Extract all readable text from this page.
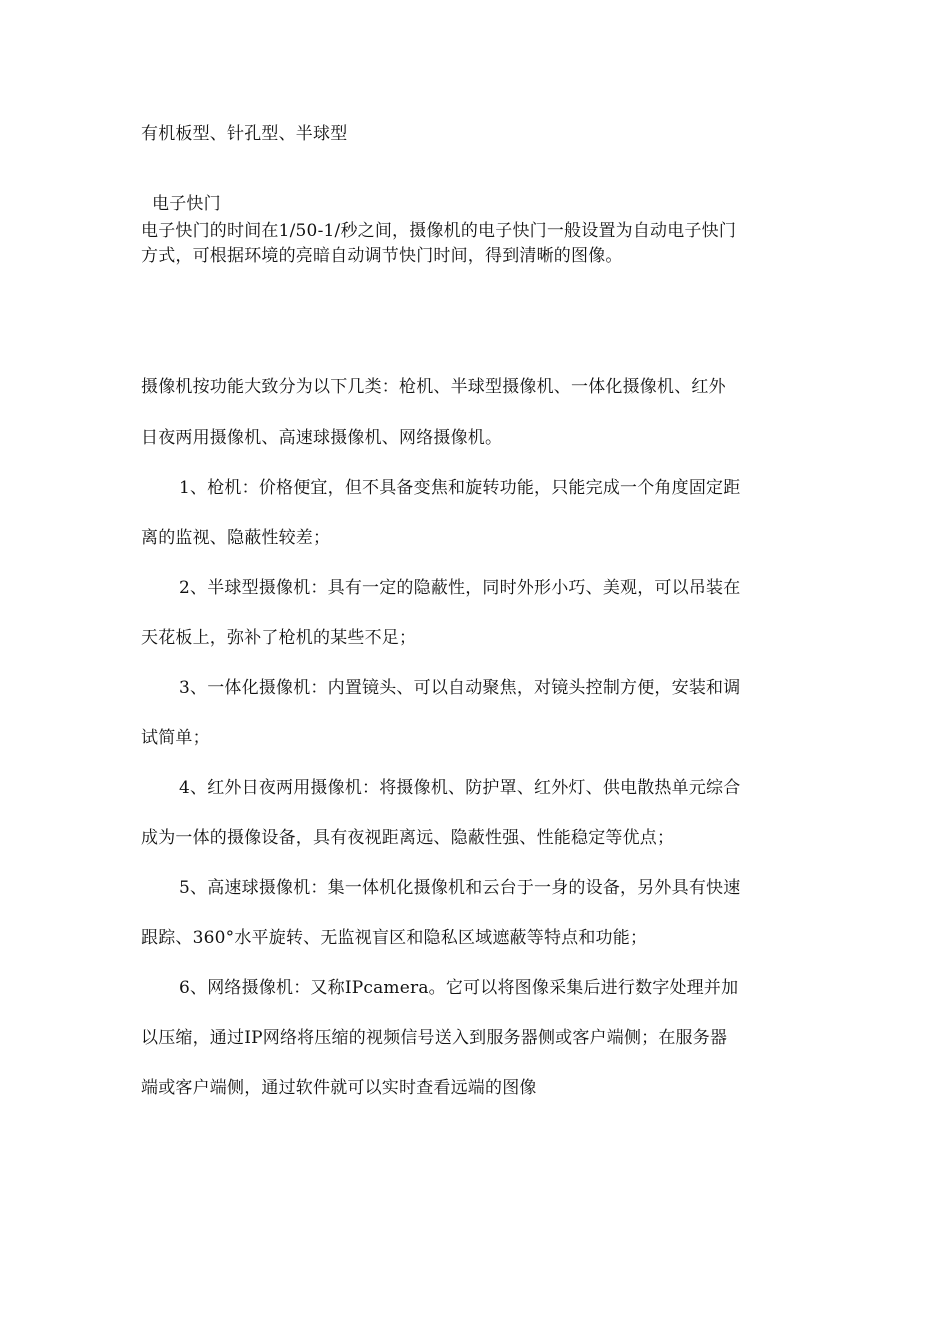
有机板型、针孔型、半球型

电子快门

电子快门的时间在1/50-1/秒之间，摄像机的电子快门一般设置为自动电子快门

方式，可根据环境的亮暗自动调节快门时间，得到清晰的图像。

摄像机按功能大致分为以下几类：枪机、半球型摄像机、一体化摄像机、红外

日夜两用摄像机、高速球摄像机、网络摄像机。

1、枪机：价格便宜，但不具备变焦和旋转功能，只能完成一个角度固定距

离的监视、隐蔽性较差；

2、半球型摄像机：具有一定的隐蔽性，同时外形小巧、美观，可以吊装在

天花板上，弥补了枪机的某些不足；

3、一体化摄像机：内置镜头、可以自动聚焦，对镜头控制方便，安装和调

试简单；

4、红外日夜两用摄像机：将摄像机、防护罩、红外灯、供电散热单元综合

成为一体的摄像设备，具有夜视距离远、隐蔽性强、性能稳定等优点；

5、高速球摄像机：集一体机化摄像机和云台于一身的设备，另外具有快速

跟踪、360°水平旋转、无监视盲区和隐私区域遮蔽等特点和功能；

6、网络摄像机：又称IPcamera。它可以将图像采集后进行数字处理并加

以压缩，通过IP网络将压缩的视频信号送入到服务器侧或客户端侧；在服务器

端或客户端侧，通过软件就可以实时查看远端的图像
